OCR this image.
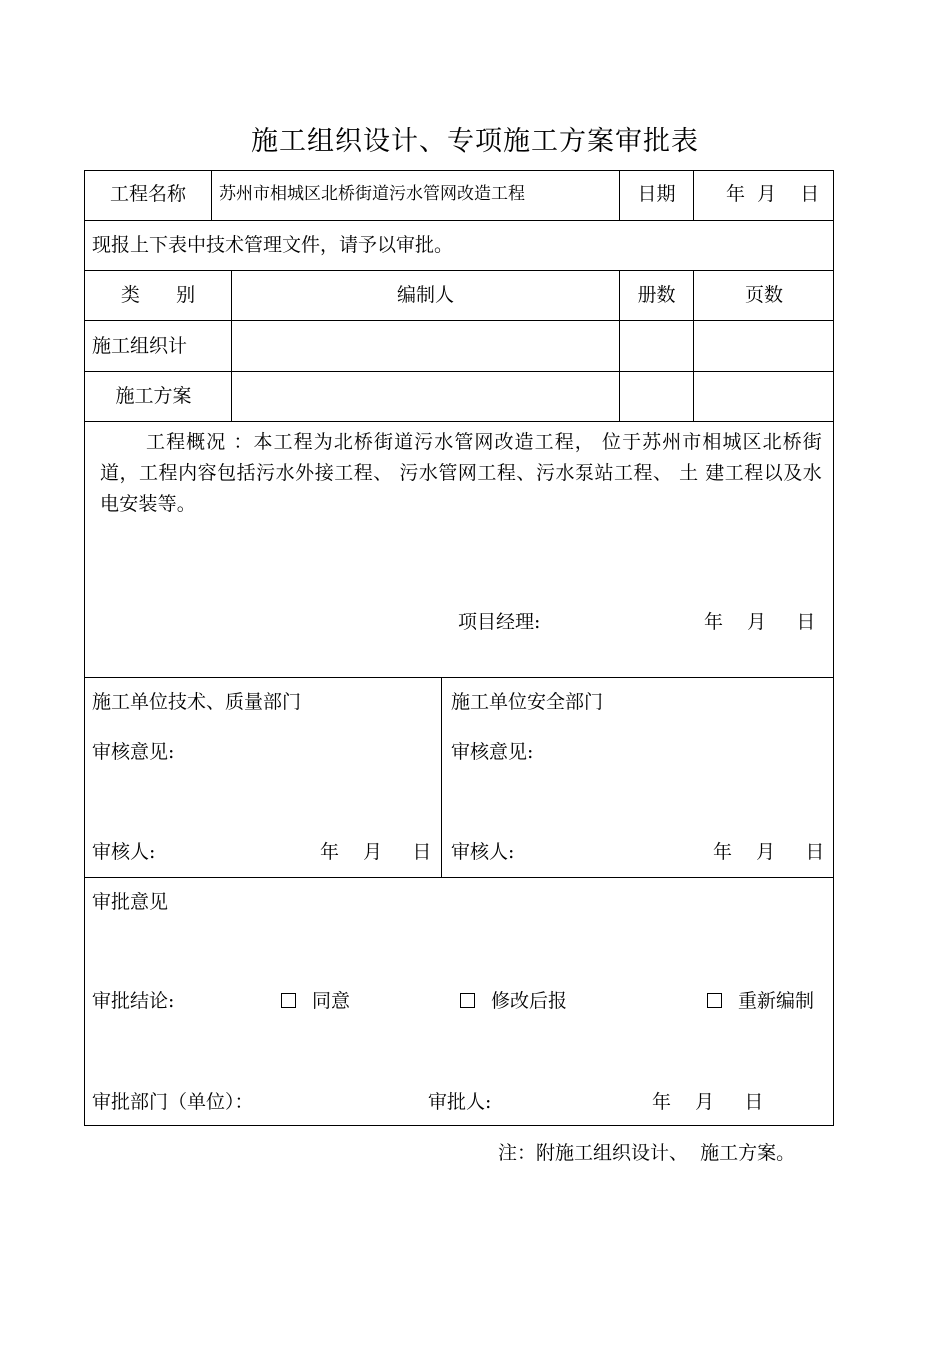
施工组织设计、专项施工方案审批表
工程名称	苏州市相城区北桥街道污水管网改造工程	日期	年  月    日
现报上下表中技术管理文件，请予以审批。
类      别	编制人	册数	页数
施工组织计
施工方案
工程概况 ：本工程为北桥街道污水管网改造工程， 位于苏州市相城区北桥街道，工程内容包括污水外接工程、 污水管网工程、污水泵站工程、 土 建工程以及水电安装等。
项目经理:	年    月     日
施工单位技术、质量部门
审核意见:
审核人:	年    月     日
施工单位安全部门
审核意见:
审核人:	年    月     日
审批意见
审批结论:	同意	修改后报	重新编制
审批部门（单位）：	审批人:	年    月     日
注：附施工组织设计、  施工方案。
